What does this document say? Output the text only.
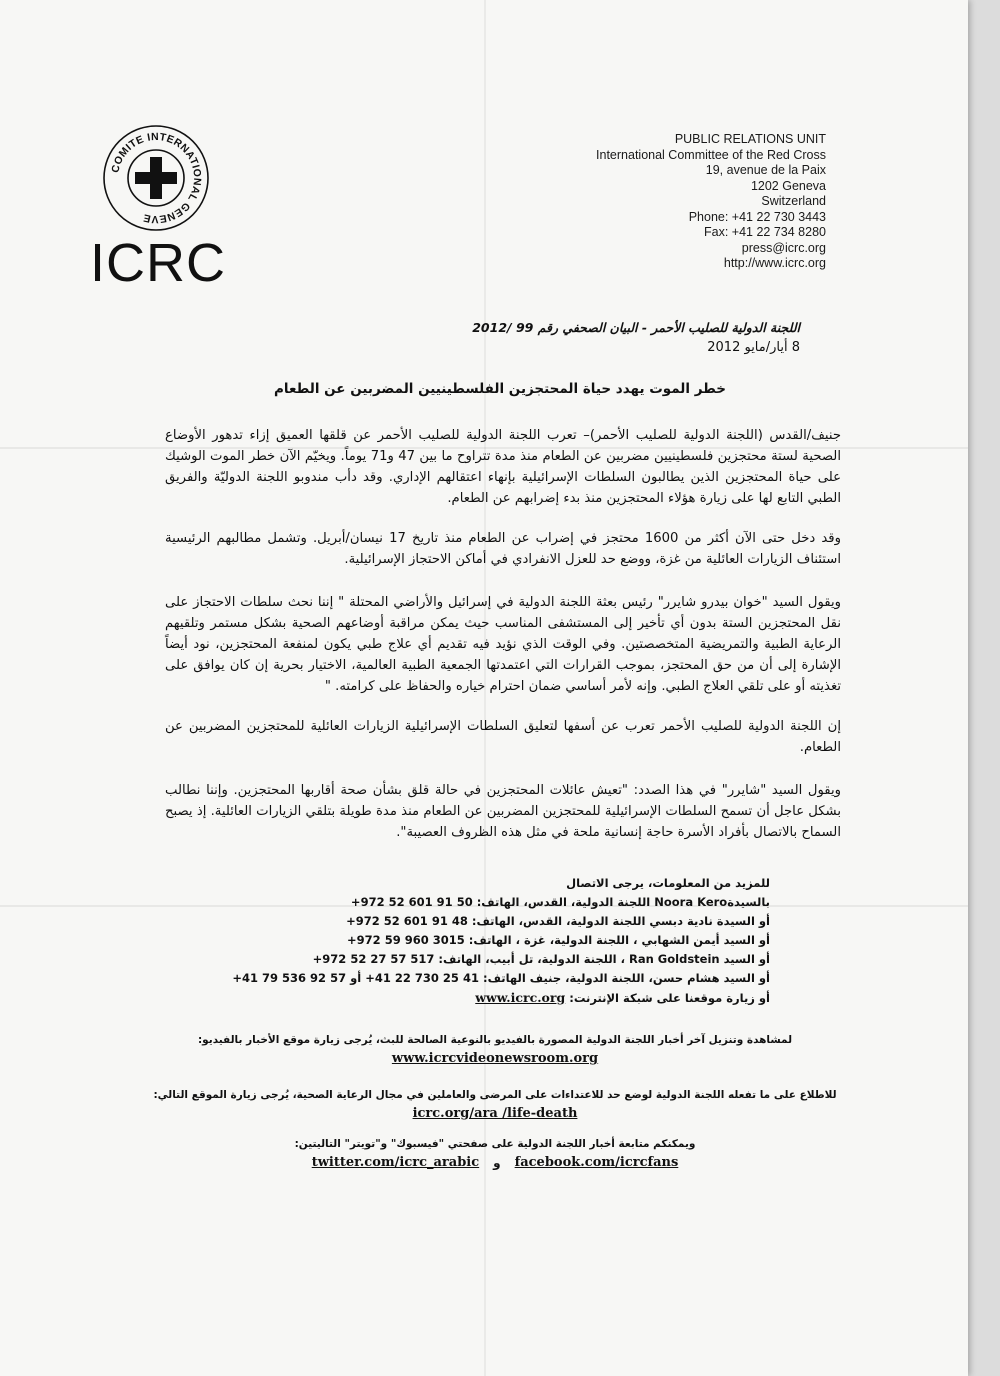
COMITE INTERNATIONAL GENEVE
ICRC
PUBLIC RELATIONS UNIT
International Committee of the Red Cross
19, avenue de la Paix
1202 Geneva
Switzerland
Phone: +41 22 730 3443
Fax: +41 22 734 8280
press@icrc.org
http://www.icrc.org
اللجنة الدولية للصليب الأحمر - البيان الصحفي رقم 99 /2012
8 أيار/مايو 2012
خطر الموت يهدد حياة المحتجزين الفلسطينيين المضربين عن الطعام
جنيف/القدس (اللجنة الدولية للصليب الأحمر)– تعرب اللجنة الدولية للصليب الأحمر عن قلقها العميق إزاء تدهور الأوضاع الصحية لستة محتجزين فلسطينيين مضربين عن الطعام منذ مدة تتراوح ما بين 47 و71 يوماً. ويخيّم الآن خطر الموت الوشيك على حياة المحتجزين الذين يطالبون السلطات الإسرائيلية بإنهاء اعتقالهم الإداري. وقد دأب مندوبو اللجنة الدوليّة والفريق الطبي التابع لها على زيارة هؤلاء المحتجزين منذ بدء إضرابهم عن الطعام.
وقد دخل حتى الآن أكثر من 1600 محتجز في إضراب عن الطعام منذ تاريخ 17 نيسان/أبريل. وتشمل مطالبهم الرئيسية استئناف الزيارات العائلية من غزة، ووضع حد للعزل الانفرادي في أماكن الاحتجاز الإسرائيلية.
ويقول السيد "خوان بيدرو شايرر" رئيس بعثة اللجنة الدولية في إسرائيل والأراضي المحتلة " إننا نحث سلطات الاحتجاز على نقل المحتجزين الستة بدون أي تأخير إلى المستشفى المناسب حيث يمكن مراقبة أوضاعهم الصحية بشكل مستمر وتلقيهم الرعاية الطبية والتمريضية المتخصصتين. وفي الوقت الذي نؤيد فيه تقديم أي علاج طبي يكون لمنفعة المحتجزين، نود أيضاً الإشارة إلى أن من حق المحتجز، بموجب القرارات التي اعتمدتها الجمعية الطبية العالمية، الاختيار بحرية إن كان يوافق على تغذيته أو على تلقي العلاج الطبي. وإنه لأمر أساسي ضمان احترام خياره والحفاظ على كرامته. "
إن اللجنة الدولية للصليب الأحمر تعرب عن أسفها لتعليق السلطات الإسرائيلية الزيارات العائلية للمحتجزين المضربين عن الطعام.
ويقول السيد "شايرر" في هذا الصدد: "تعيش عائلات المحتجزين في حالة قلق بشأن صحة أقاربها المحتجزين. وإننا نطالب بشكل عاجل أن تسمح السلطات الإسرائيلية للمحتجزين المضربين عن الطعام منذ مدة طويلة بتلقي الزيارات العائلية. إذ يصبح السماح بالاتصال بأفراد الأسرة حاجة إنسانية ملحة في مثل هذه الظروف العصيبة".
للمزيد من المعلومات، يرجى الاتصال
بالسيدةNoora Kero اللجنة الدولية، القدس، الهاتف: 50 91 601 52 972+
أو السيدة نادية دبسي اللجنة الدولية، القدس، الهاتف: 48 91 601 52 972+
أو السيد أيمن الشهابي ، اللجنة الدولية، غزة ، الهاتف: 3015 960 59 972+
أو السيد Ran Goldstein ، اللجنة الدولية، تل أبيب، الهاتف: 517 57 27 52 972+
أو السيد هشام حسن، اللجنة الدولية، جنيف الهاتف: 41 25 730 22 41+ أو 57 92 536 79 41+
أو زيارة موقعنا على شبكة الإنترنت: www.icrc.org
لمشاهدة وتنزيل آخر أخبار اللجنة الدولية المصورة بالفيديو بالنوعية الصالحة للبث، يُرجى زيارة موقع الأخبار بالفيديو:
www.icrcvideonewsroom.org
للاطلاع على ما تفعله اللجنة الدولية لوضع حد للاعتداءات على المرضى والعاملين في مجال الرعاية الصحية، يُرجى زيارة الموقع التالي:
icrc.org/ara /life-death
ويمكنكم متابعة أخبار اللجنة الدولية على صفحتي "فيسبوك" و"تويتر" التاليتين:
twitter.com/icrc_arabic و facebook.com/icrcfans
